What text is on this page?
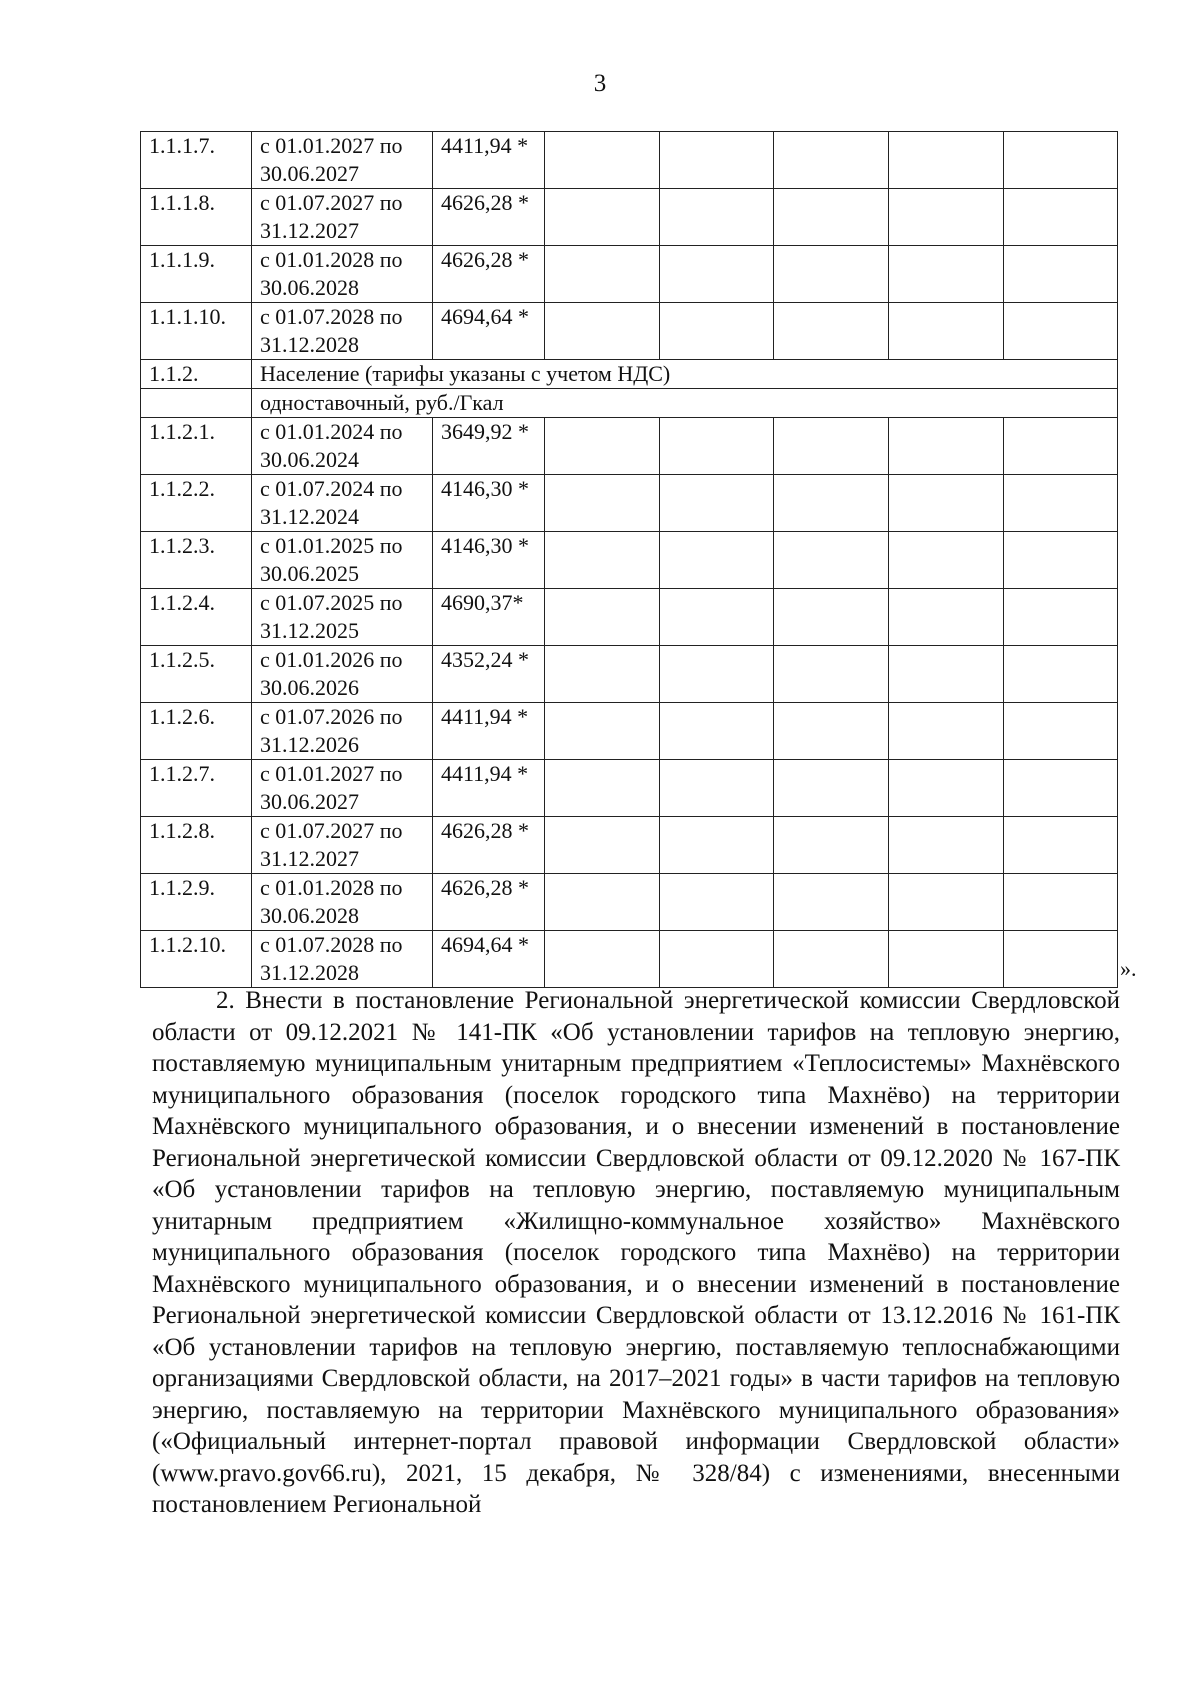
3
1.1.1.7.	с 01.01.2027 по 30.06.2027	4411,94 *					
1.1.1.8.	с 01.07.2027 по 31.12.2027	4626,28 *					
1.1.1.9.	с 01.01.2028 по 30.06.2028	4626,28 *					
1.1.1.10.	с 01.07.2028 по 31.12.2028	4694,64 *					
1.1.2.	Население (тарифы указаны с учетом НДС)						
	одноставочный, руб./Гкал						
1.1.2.1.	с 01.01.2024 по 30.06.2024	3649,92 *					
1.1.2.2.	с 01.07.2024 по 31.12.2024	4146,30 *					
1.1.2.3.	с 01.01.2025 по 30.06.2025	4146,30 *					
1.1.2.4.	с 01.07.2025 по 31.12.2025	4690,37*					
1.1.2.5.	с 01.01.2026 по 30.06.2026	4352,24 *					
1.1.2.6.	с 01.07.2026 по 31.12.2026	4411,94 *					
1.1.2.7.	с 01.01.2027 по 30.06.2027	4411,94 *					
1.1.2.8.	с 01.07.2027 по 31.12.2027	4626,28 *					
1.1.2.9.	с 01.01.2028 по 30.06.2028	4626,28 *					
1.1.2.10.	с 01.07.2028 по 31.12.2028	4694,64 *					
».

2. Внести в постановление Региональной энергетической комиссии Свердловской области от 09.12.2021 № 141-ПК «Об установлении тарифов на тепловую энергию, поставляемую муниципальным унитарным предприятием «Теплосистемы» Махнёвского муниципального образования (поселок городского типа Махнёво) на территории Махнёвского муниципального образования, и о внесении изменений в постановление Региональной энергетической комиссии Свердловской области от 09.12.2020 № 167-ПК «Об установлении тарифов на тепловую энергию, поставляемую муниципальным унитарным предприятием «Жилищно-коммунальное хозяйство» Махнёвского муниципального образования (поселок городского типа Махнёво) на территории Махнёвского муниципального образования, и о внесении изменений в постановление Региональной энергетической комиссии Свердловской области от 13.12.2016 № 161-ПК «Об установлении тарифов на тепловую энергию, поставляемую теплоснабжающими организациями Свердловской области, на 2017–2021 годы» в части тарифов на тепловую энергию, поставляемую на территории Махнёвского муниципального образования» («Официальный интернет-портал правовой информации Свердловской области» (www.pravo.gov66.ru), 2021, 15 декабря, № 328/84) с изменениями, внесенными постановлением Региональной
